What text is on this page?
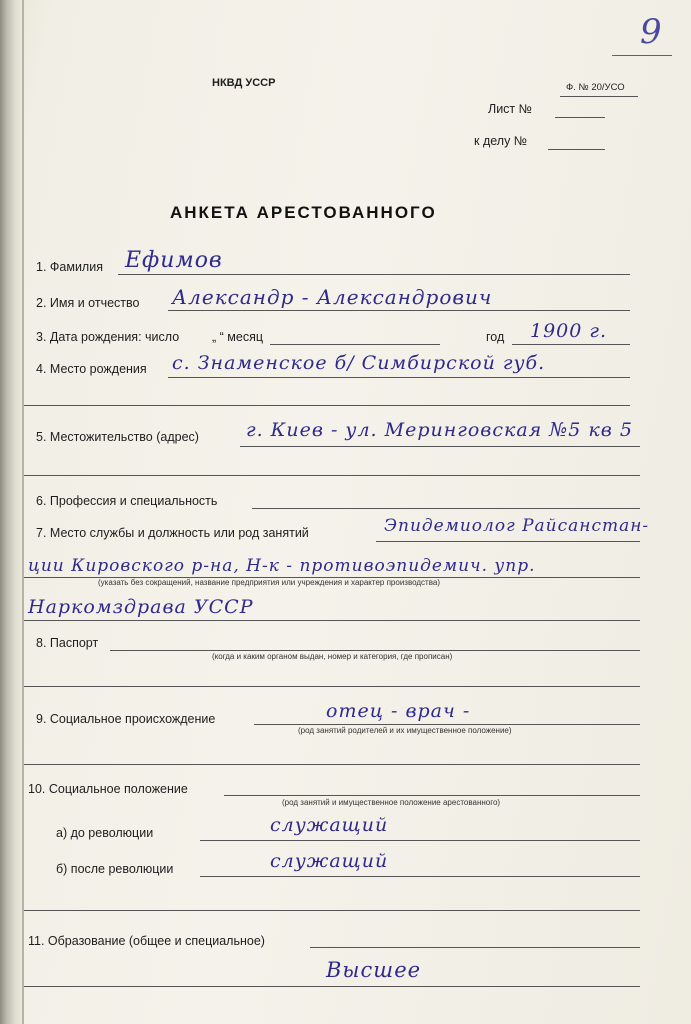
9
НКВД УССР	Ф. № 20/УСО
Лист №
к делу №
АНКЕТА АРЕСТОВАННОГО
1. Фамилия Ефимов
2. Имя и отчество Александр - Александрович
3. Дата рождения: число	„ “ месяц	год 1900 г.
4. Место рождения с. Знаменское б/ Симбирской губ.
5. Местожительство (адрес) г. Киев - ул. Меринговская №5 кв 5
6. Профессия и специальность
7. Место службы и должность или род занятий	Эпидемиолог Райсанстан-
ции Кировского р-на, Н-к - противоэпидемич. упр.
(указать без сокращений, название предприятия или учреждения и характер производства)
Наркомздрава УССР
8. Паспорт
(когда и каким органом выдан, номер и категория, где прописан)
9. Социальное происхождение	отец - врач -
(род занятий родителей и их имущественное положение)
10. Социальное положение
(род занятий и имущественное положение арестованного)
а) до революции	служащий
б) после революции	служащий
11. Образование (общее и специальное)
Высшее
